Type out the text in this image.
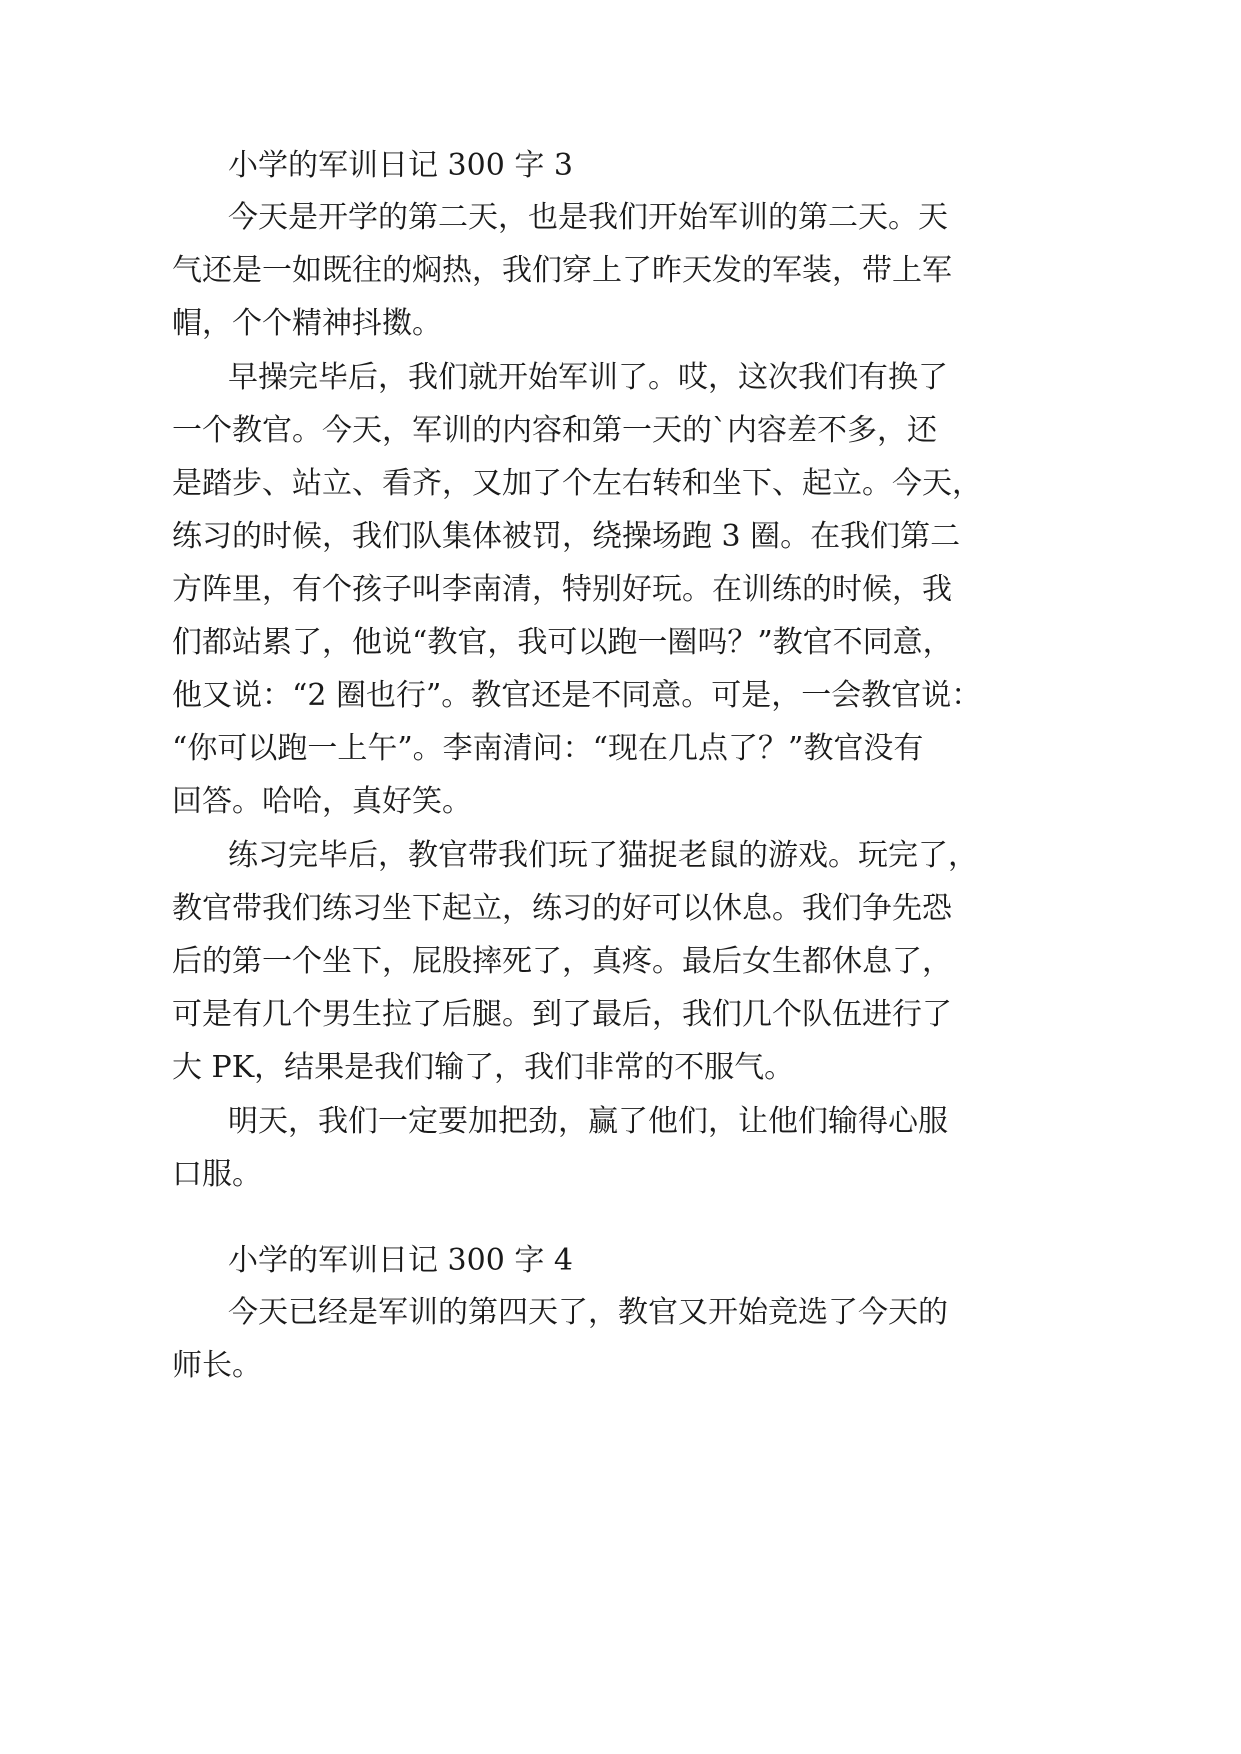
小学的军训日记 300 字 3

今天是开学的第二天，也是我们开始军训的第二天。天

气还是一如既往的焖热，我们穿上了昨天发的军装，带上军

帽，个个精神抖擞。

早操完毕后，我们就开始军训了。哎，这次我们有换了

一个教官。今天，军训的内容和第一天的`内容差不多，还

是踏步、站立、看齐，又加了个左右转和坐下、起立。今天，

练习的时候，我们队集体被罚，绕操场跑 3 圈。在我们第二

方阵里，有个孩子叫李南清，特别好玩。在训练的时候，我

们都站累了，他说“教官，我可以跑一圈吗？”教官不同意，

他又说：“2 圈也行”。教官还是不同意。可是，一会教官说：

“你可以跑一上午”。李南清问：“现在几点了？”教官没有

回答。哈哈，真好笑。

练习完毕后，教官带我们玩了猫捉老鼠的游戏。玩完了，

教官带我们练习坐下起立，练习的好可以休息。我们争先恐

后的第一个坐下，屁股摔死了，真疼。最后女生都休息了，

可是有几个男生拉了后腿。到了最后，我们几个队伍进行了

大 PK，结果是我们输了，我们非常的不服气。

明天，我们一定要加把劲，赢了他们，让他们输得心服

口服。

小学的军训日记 300 字 4

今天已经是军训的第四天了，教官又开始竞选了今天的

师长。
